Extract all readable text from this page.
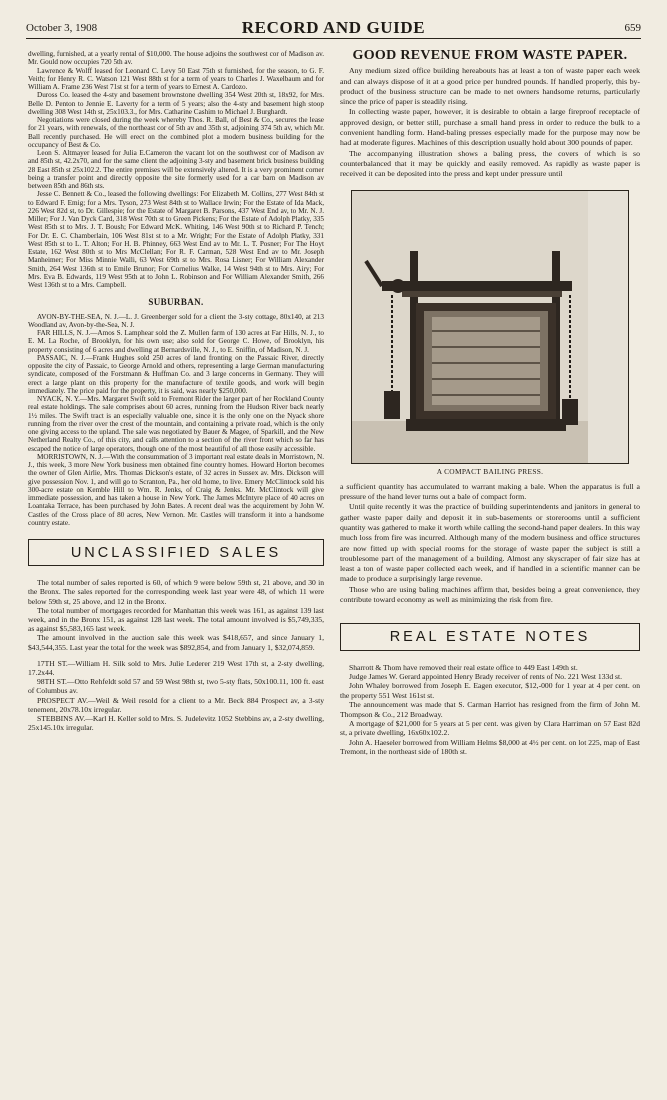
October 3, 1908	RECORD AND GUIDE	659

dwelling, furnished, at a yearly rental of $10,000. The house adjoins the southwest cor of Madison av. Mr. Gould now occupies 720 5th av.

Lawrence & Wolff leased for Leonard C. Levy 50 East 75th st furnished, for the season, to G. F. Veith; for Henry R. C. Watson 121 West 88th st for a term of years to Charles J. Waxelbaum and for William A. Frame 236 West 71st st for a term of years to Ernest A. Cardozo.

Duross Co. leased the 4-sty and basement brownstone dwelling 354 West 20th st, 18x92, for Mrs. Belle D. Penton to Jennie E. Laverty for a term of 5 years; also the 4-sty and basement high stoop dwelling 308 West 14th st, 25x103.3., for Mrs. Catharine Cashim to Michael J. Burghardt.

Negotiations were closed during the week whereby Thos. R. Ball, of Best & Co., secures the lease for 21 years, with renewals, of the northeast cor of 5th av and 35th st, adjoining 374 5th av, which Mr. Ball recently purchased. He will erect on the combined plot a modern business building for the occupancy of Best & Co.

Leon S. Altmayer leased for Julia E.Cameron the vacant lot on the southwest cor of Madison av and 85th st, 42.2x70, and for the same client the adjoining 3-sty and basement brick business building 28 East 85th st 25x102.2. The entire premises will be extensively altered. It is a very prominent corner being a transfer point and directly opposite the site formerly used for a car barn on Madison av between 85th and 86th sts.

Jesse C. Bennett & Co., leased the following dwellings: For Elizabeth M. Collins, 277 West 84th st to Edward F. Emig; for a Mrs. Tyson, 273 West 84th st to Wallace Irwin; For the Estate of Ida Mack, 226 West 82d st, to Dr. Gillespie; for the Estate of Margaret B. Parsons, 437 West End av, to Mr. N. J. Miller; For J. Van Dyck Card, 318 West 70th st to Green Pickens; For the Estate of Adolph Platky, 335 West 85th st to Mrs. J. T. Boush; For Edward McK. Whiting, 146 West 90th st to Richard P. Tench; For Dr. E. C. Chamberlain, 106 West 81st st to a Mr. Wright; For the Estate of Adolph Platky, 331 West 85th st to L. T. Alton; For H. B. Phinney, 663 West End av to Mr. L. T. Posner; For The Hoyt Estate, 162 West 80th st to Mrs McClellan; For R. F. Carman, 528 West End av to Mr. Joseph Manheimer; For Miss Minnie Walli, 63 West 69th st to Mrs. Rosa Lisner; For William Alexander Smith, 264 West 136th st to Emile Brunor; For Cornelius Walke, 14 West 94th st to Mrs. Airy; For Mrs. Eva B. Edwards, 119 West 95th at to John L. Robinson and For William Alexander Smith, 266 West 136th st to a Mrs. Campbell.

SUBURBAN.

AVON-BY-THE-SEA, N. J.—L. J. Greenberger sold for a client the 3-sty cottage, 80x140, at 213 Woodland av, Avon-by-the-Sea, N. J.

FAR HILLS, N. J.—Amos S. Lamphear sold the Z. Mullen farm of 130 acres at Far Hills, N. J., to E. M. La Roche, of Brooklyn, for his own use; also sold for George C. Howe, of Brooklyn, his property consisting of 6 acres and dwelling at Bernardsville, N. J., to E. Sniffin, of Madison, N. J.

PASSAIC, N. J.—Frank Hughes sold 250 acres of land fronting on the Passaic River, directly opposite the city of Passaic, to George Arnold and others, representing a large German manufacturing syndicate, composed of the Forstmann & Huffman Co. and 3 large concerns in Germany. They will erect a large plant on this property for the manufacture of textile goods, and work will begin immediately. The price paid for the property, it is said, was nearly $250,000.

NYACK, N. Y.—Mrs. Margaret Swift sold to Fremont Rider the larger part of her Rockland County real estate holdings. The sale comprises about 60 acres, running from the Hudson River back nearly 1½ miles. The Swift tract is an especially valuable one, since it is the only one on the Nyack shore running from the river over the crest of the mountain, and containing a private road, which is the only one giving access to the upland. The sale was negotiated by Bauer & Magee, of Sparkill, and the New Netherland Realty Co., of this city, and calls attention to a section of the river front which so far has escaped the notice of large operators, though one of the most beautiful of all those easily accessible.

MORRISTOWN, N. J.—With the consummation of 3 important real estate deals in Morristown, N. J., this week, 3 more New York business men obtained fine country homes. Howard Horton becomes the owner of Glen Airlie, Mrs. Thomas Dickson's estate, of 32 acres in Sussex av. Mrs. Dickson will give possession Nov. 1, and will go to Scranton, Pa., her old home, to live. Emery McClintock sold his 300-acre estate on Kemble Hill to Wm. R. Jenks, of Craig & Jenks. Mr. McClintock will give immediate possession, and has taken a house in New York. The James McIntyre place of 40 acres on Loantaka Terrace, has been purchased by John Bates. A recent deal was the acquirement by John W. Castles of the Cross place of 80 acres, New Vernon. Mr. Castles will transform it into a handsome country estate.

UNCLASSIFIED SALES

The total number of sales reported is 60, of which 9 were below 59th st, 21 above, and 30 in the Bronx. The sales reported for the corresponding week last year were 48, of which 11 were below 59th st, 25 above, and 12 in the Bronx.

The total number of mortgages recorded for Manhattan this week was 161, as against 139 last week, and in the Bronx 151, as against 128 last week. The total amount involved is $5,749,335, as against $5,583,165 last week.

The amount involved in the auction sale this week was $418,657, and since January 1, $43,544,355. Last year the total for the week was $892,854, and from January 1, $32,074,859.

17TH ST.—William H. Silk sold to Mrs. Julie Lederer 219 West 17th st, a 2-sty dwelling, 17.2x44.

98TH ST.—Otto Rehfeldt sold 57 and 59 West 98th st, two 5-sty flats, 50x100.11, 100 ft. east of Columbus av.

PROSPECT AV.—Weil & Weil resold for a client to a Mr. Beck 884 Prospect av, a 3-sty tenement, 20x78.10x irregular.

STEBBINS AV.—Karl H. Keller sold to Mrs. S. Judelevitz 1052 Stebbins av, a 2-sty dwelling, 25x145.10x irregular.

GOOD REVENUE FROM WASTE PAPER.

Any medium sized office building hereabouts has at least a ton of waste paper each week and can always dispose of it at a good price per hundred pounds. If handled properly, this by-product of the business structure can be made to net owners handsome returns, particularly since the price of paper is steadily rising.

In collecting waste paper, however, it is desirable to obtain a large fireproof receptacle of approved design, or better still, purchase a small hand press in order to reduce the bulk to a convenient handling form. Hand-baling presses especially made for the purpose may now be had at moderate figures. Machines of this description usually hold about 300 pounds of paper.

The accompanying illustration shows a baling press, the covers of which is so counterbalanced that it may be quickly and easily removed. As rapidly as waste paper is received it can be deposited into the press and kept under pressure until

A COMPACT BAILING PRESS.

a sufficient quantity has accumulated to warrant making a bale. When the apparatus is full a pressure of the hand lever turns out a bale of compact form.

Until quite recently it was the practice of building superintendents and janitors in general to gather waste paper daily and deposit it in sub-basements or storerooms until a sufficient quantity was gathered to make it worth while calling the second-hand paper dealers. In this way much loss from fire was incurred. Although many of the modern business and office structures are now fitted up with special rooms for the storage of waste paper the subject is still a troublesome part of the management of a building. Almost any skyscraper of fair size has at least a ton of waste paper collected each week, and if handled in a scientific manner can be made to produce a surprisingly large revenue.

Those who are using baling machines affirm that, besides being a great convenience, they contribute toward economy as well as minimizing the risk from fire.

REAL ESTATE NOTES

Sharrott & Thom have removed their real estate office to 449 East 149th st.

Judge James W. Gerard appointed Henry Brady receiver of rents of No. 221 West 133d st.

John Whaley borrowed from Joseph E. Eagen executor, $12,-000 for 1 year at 4 per cent. on the property 551 West 161st st.

The announcement was made that S. Carman Harriot has resigned from the firm of John M. Thompson & Co., 212 Broadway.

A mortgage of $21,000 for 5 years at 5 per cent. was given by Clara Harriman on 57 East 82d st, a private dwelling, 16x60x102.2.

John A. Haeseler borrowed from William Helms $8,000 at 4½ per cent. on lot 225, map of East Tremont, in the northeast side of 180th st.
